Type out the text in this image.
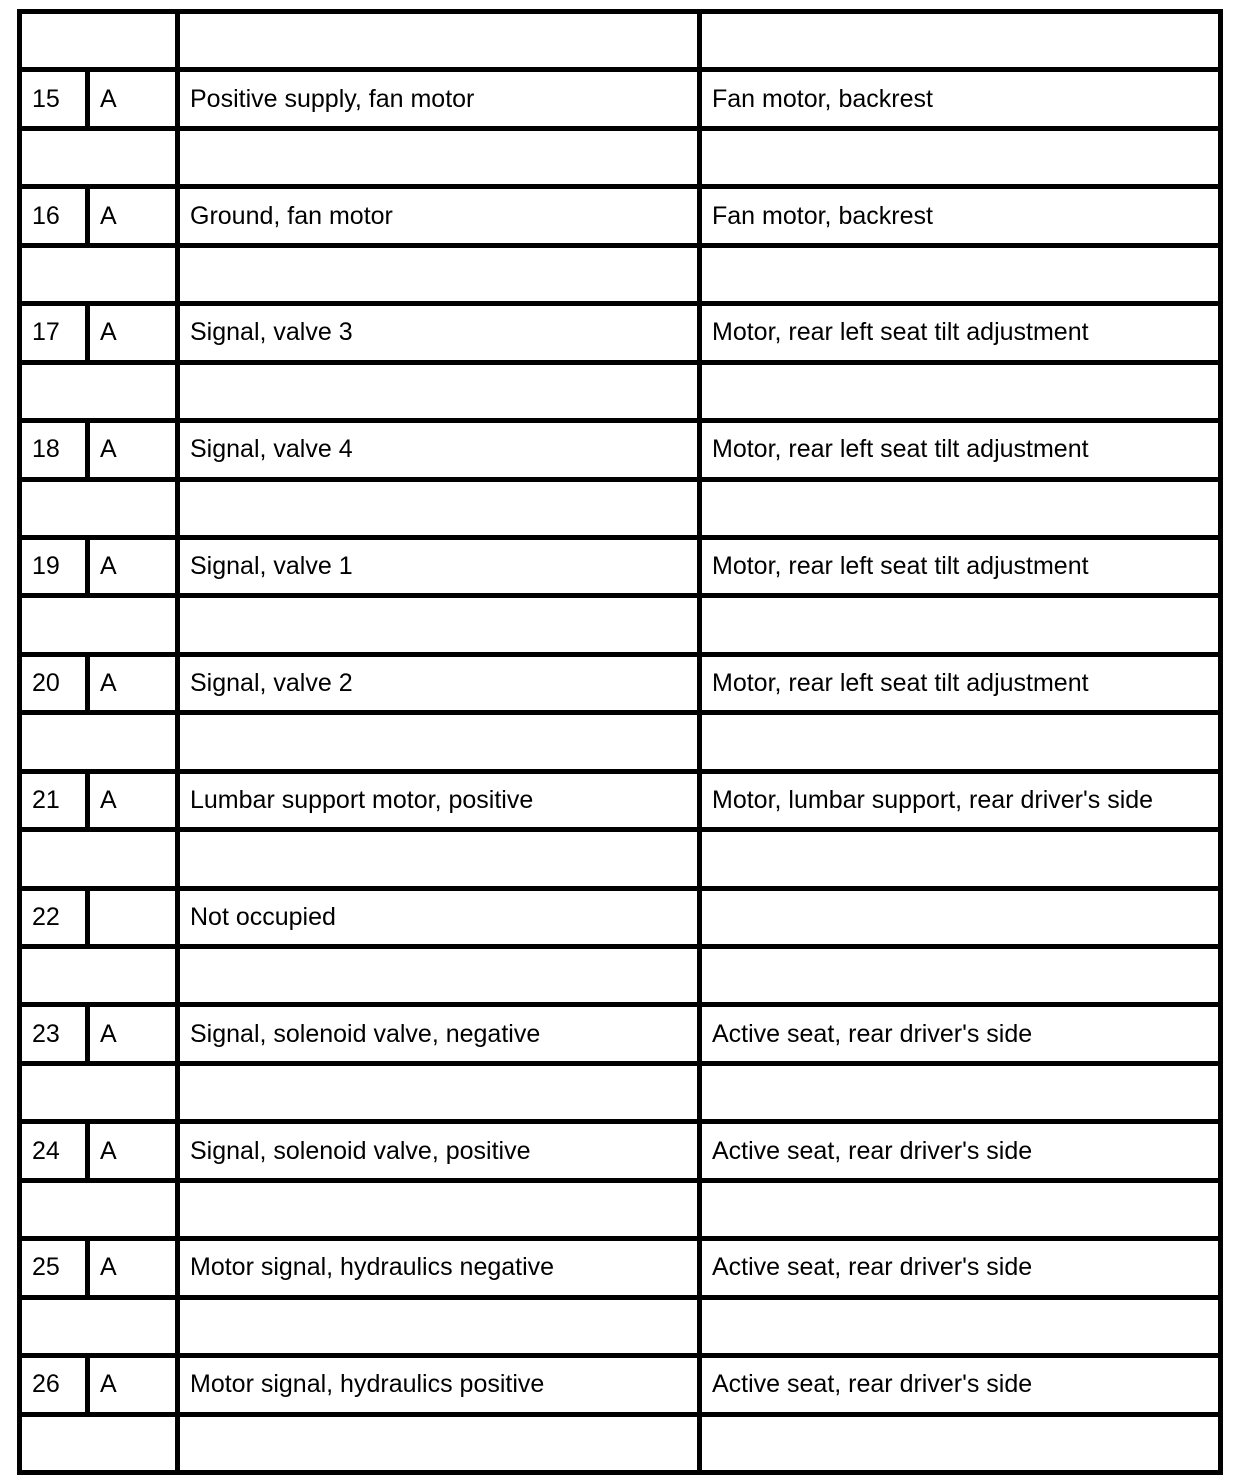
15	A	Positive supply, fan motor	Fan motor, backrest

16	A	Ground, fan motor	Fan motor, backrest

17	A	Signal, valve 3	Motor, rear left seat tilt adjustment

18	A	Signal, valve 4	Motor, rear left seat tilt adjustment

19	A	Signal, valve 1	Motor, rear left seat tilt adjustment

20	A	Signal, valve 2	Motor, rear left seat tilt adjustment

21	A	Lumbar support motor, positive	Motor, lumbar support, rear driver's side

22		Not occupied	

23	A	Signal, solenoid valve, negative	Active seat, rear driver's side

24	A	Signal, solenoid valve, positive	Active seat, rear driver's side

25	A	Motor signal, hydraulics negative	Active seat, rear driver's side

26	A	Motor signal, hydraulics positive	Active seat, rear driver's side
